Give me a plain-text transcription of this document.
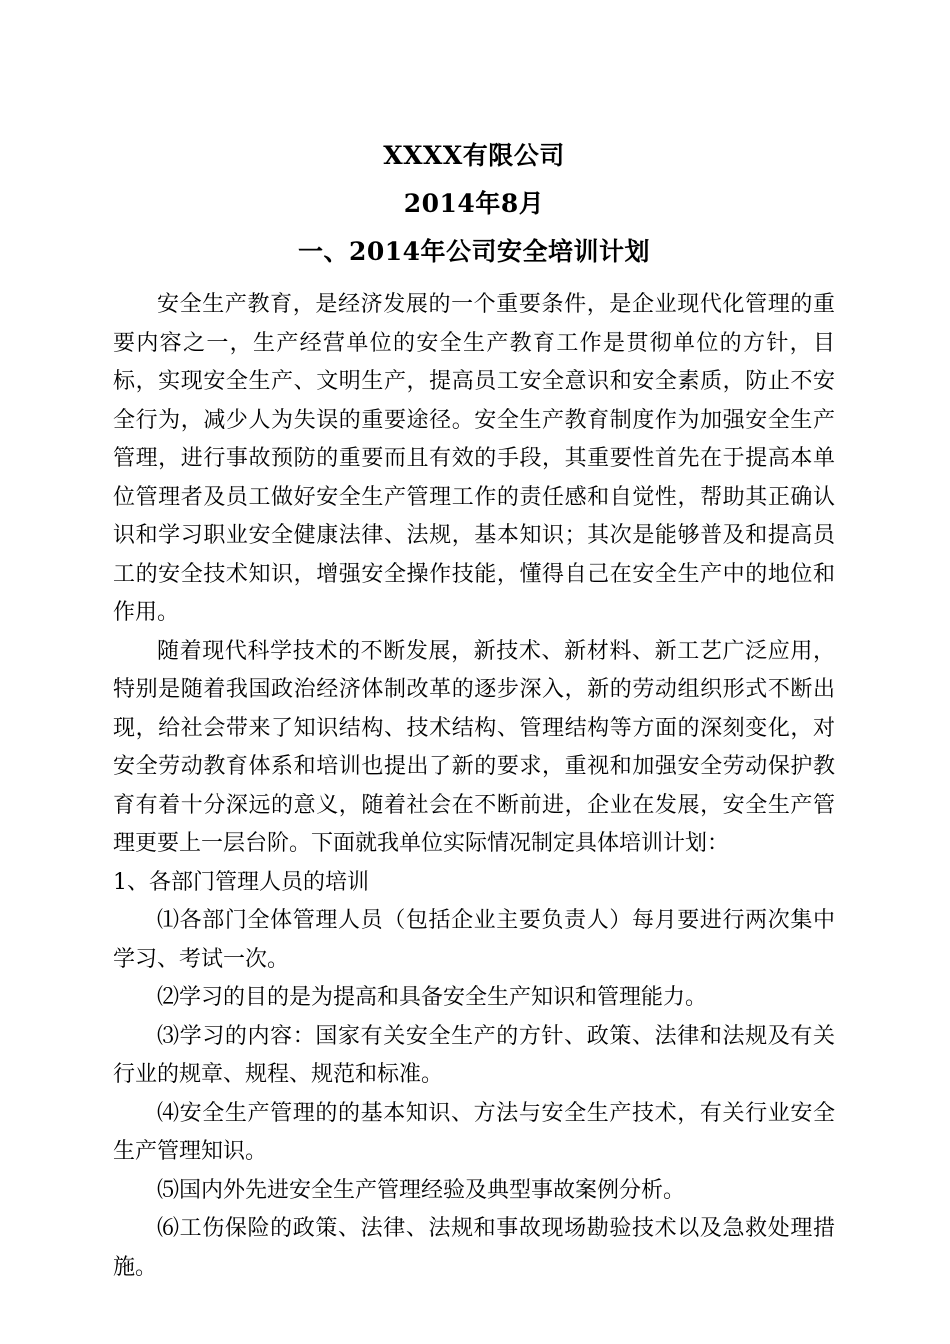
XXXX有限公司
2014年8月
一、2014年公司安全培训计划

安全生产教育，是经济发展的一个重要条件，是企业现代化管理的重要内容之一，生产经营单位的安全生产教育工作是贯彻单位的方针，目标，实现安全生产、文明生产，提高员工安全意识和安全素质，防止不安全行为，减少人为失误的重要途径。安全生产教育制度作为加强安全生产管理，进行事故预防的重要而且有效的手段，其重要性首先在于提高本单位管理者及员工做好安全生产管理工作的责任感和自觉性，帮助其正确认识和学习职业安全健康法律、法规，基本知识；其次是能够普及和提高员工的安全技术知识，增强安全操作技能，懂得自己在安全生产中的地位和作用。

随着现代科学技术的不断发展，新技术、新材料、新工艺广泛应用，特别是随着我国政治经济体制改革的逐步深入，新的劳动组织形式不断出现，给社会带来了知识结构、技术结构、管理结构等方面的深刻变化，对安全劳动教育体系和培训也提出了新的要求，重视和加强安全劳动保护教育有着十分深远的意义，随着社会在不断前进，企业在发展，安全生产管理更要上一层台阶。下面就我单位实际情况制定具体培训计划：

1、各部门管理人员的培训

⑴各部门全体管理人员（包括企业主要负责人）每月要进行两次集中学习、考试一次。

⑵学习的目的是为提高和具备安全生产知识和管理能力。

⑶学习的内容：国家有关安全生产的方针、政策、法律和法规及有关行业的规章、规程、规范和标准。

⑷安全生产管理的的基本知识、方法与安全生产技术，有关行业安全生产管理知识。

⑸国内外先进安全生产管理经验及典型事故案例分析。

⑹工伤保险的政策、法律、法规和事故现场勘验技术以及急救处理措施。
